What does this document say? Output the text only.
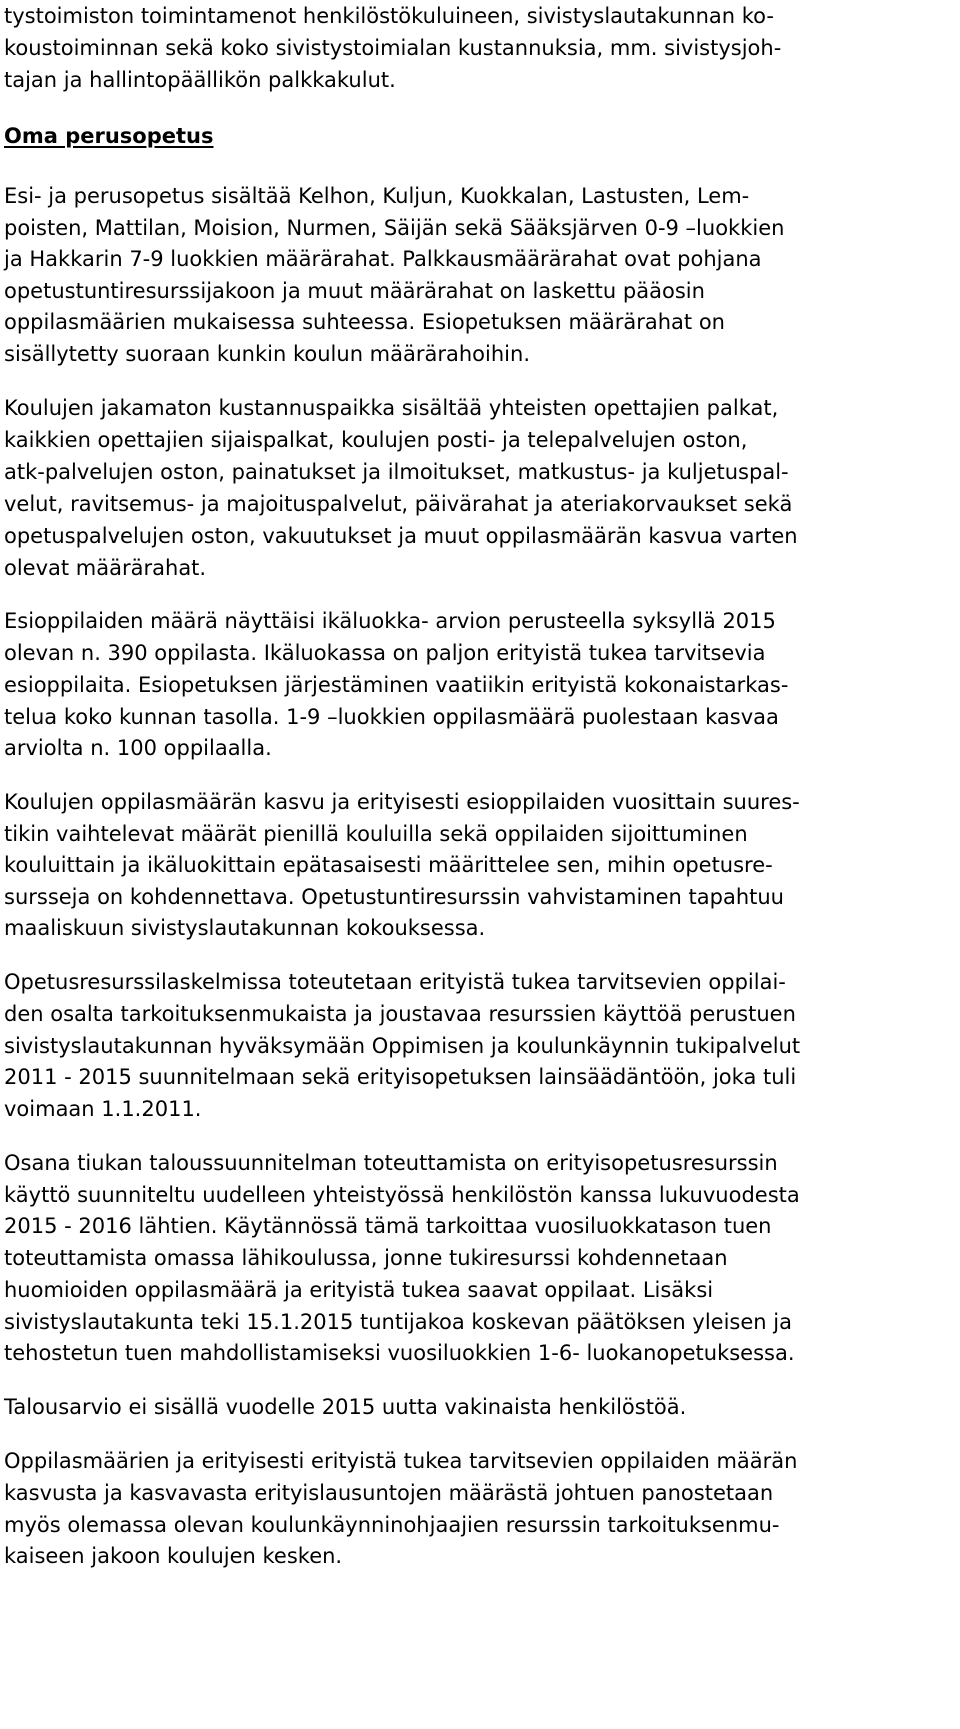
tystoimiston toimintamenot henkilöstökuluineen, sivistyslautakunnan ko-
koustoiminnan sekä koko sivistystoimialan kustannuksia, mm. sivistysjoh-
tajan ja hallintopäällikön palkkakulut.
Oma perusopetus
Esi- ja perusopetus sisältää Kelhon, Kuljun, Kuokkalan, Lastusten, Lem-
poisten, Mattilan, Moision, Nurmen, Säijän sekä Sääksjärven 0-9 –luokkien
ja Hakkarin 7-9 luokkien määrärahat. Palkkausmäärärahat ovat pohjana
opetustuntiresurssijakoon ja muut määrärahat on laskettu pääosin
oppilasmäärien mukaisessa suhteessa. Esiopetuksen määrärahat on
sisällytetty suoraan kunkin koulun määrärahoihin.
Koulujen jakamaton kustannuspaikka sisältää yhteisten opettajien palkat,
kaikkien opettajien sijaispalkat, koulujen posti- ja telepalvelujen oston,
atk-palvelujen oston, painatukset ja ilmoitukset, matkustus- ja kuljetuspal-
velut, ravitsemus- ja majoituspalvelut, päivärahat ja ateriakorvaukset sekä
opetuspalvelujen oston, vakuutukset ja muut oppilasmäärän kasvua varten
olevat määrärahat.
Esioppilaiden määrä näyttäisi ikäluokka- arvion perusteella syksyllä 2015
olevan n. 390 oppilasta. Ikäluokassa on paljon erityistä tukea tarvitsevia
esioppilaita. Esiopetuksen järjestäminen vaatiikin erityistä kokonaistarkas-
telua koko kunnan tasolla. 1-9 –luokkien oppilasmäärä puolestaan kasvaa
arviolta n. 100 oppilaalla.
Koulujen oppilasmäärän kasvu ja erityisesti esioppilaiden vuosittain suures-
tikin vaihtelevat määrät pienillä kouluilla sekä oppilaiden sijoittuminen
kouluittain ja ikäluokittain epätasaisesti määrittelee sen, mihin opetusre-
sursseja on kohdennettava. Opetustuntiresurssin vahvistaminen tapahtuu
maaliskuun sivistyslautakunnan kokouksessa.
Opetusresurssilaskelmissa toteutetaan erityistä tukea tarvitsevien oppilai-
den osalta tarkoituksenmukaista ja joustavaa resurssien käyttöä perustuen
sivistyslautakunnan hyväksymään Oppimisen ja koulunkäynnin tukipalvelut
2011 - 2015 suunnitelmaan sekä erityisopetuksen lainsäädäntöön, joka tuli
voimaan 1.1.2011.
Osana tiukan taloussuunnitelman toteuttamista on erityisopetusresurssin
käyttö suunniteltu uudelleen yhteistyössä henkilöstön kanssa lukuvuodesta
2015 - 2016 lähtien. Käytännössä tämä tarkoittaa vuosiluokkatason tuen
toteuttamista omassa lähikoulussa, jonne tukiresurssi kohdennetaan
huomioiden oppilasmäärä ja erityistä tukea saavat oppilaat. Lisäksi
sivistyslautakunta teki 15.1.2015 tuntijakoa koskevan päätöksen yleisen ja
tehostetun tuen mahdollistamiseksi vuosiluokkien 1-6- luokanopetuksessa.
Talousarvio ei sisällä vuodelle 2015 uutta vakinaista henkilöstöä.
Oppilasmäärien ja erityisesti erityistä tukea tarvitsevien oppilaiden määrän
kasvusta ja kasvavasta erityislausuntojen määrästä johtuen panostetaan
myös olemassa olevan koulunkäynninohjaajien resurssin tarkoituksenmu-
kaiseen jakoon koulujen kesken.
